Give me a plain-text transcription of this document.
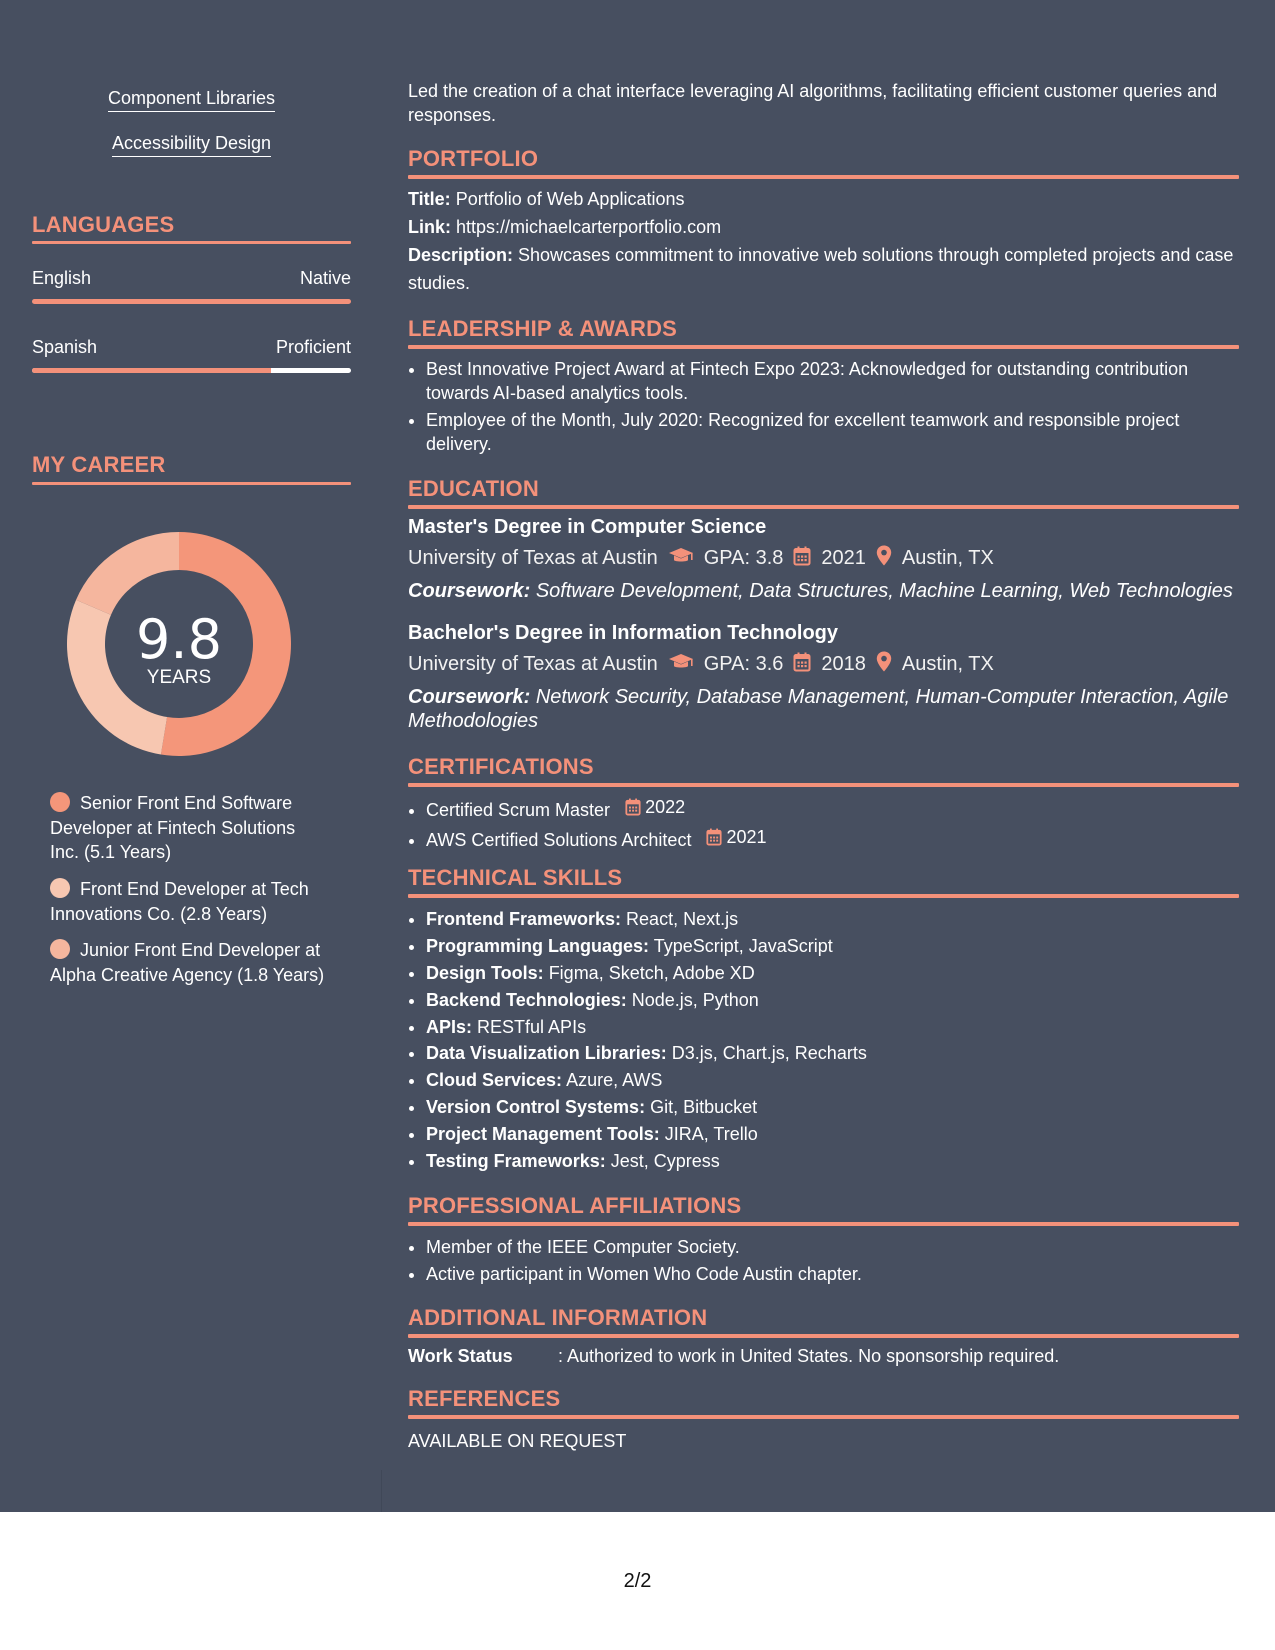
Component Libraries
Accessibility Design
LANGUAGES
English	Native
Spanish	Proficient
MY CAREER
9.8
YEARS
Senior Front End Software Developer at Fintech Solutions Inc. (5.1 Years)
Front End Developer at Tech Innovations Co. (2.8 Years)
Junior Front End Developer at Alpha Creative Agency (1.8 Years)
Led the creation of a chat interface leveraging AI algorithms, facilitating efficient customer queries and responses.
PORTFOLIO
Title: Portfolio of Web Applications
Link: https://michaelcarterportfolio.com
Description: Showcases commitment to innovative web solutions through completed projects and case studies.
LEADERSHIP & AWARDS
• Best Innovative Project Award at Fintech Expo 2023: Acknowledged for outstanding contribution towards AI-based analytics tools.
• Employee of the Month, July 2020: Recognized for excellent teamwork and responsible project delivery.
EDUCATION
Master's Degree in Computer Science
University of Texas at Austin GPA: 3.8 2021 Austin, TX
Coursework: Software Development, Data Structures, Machine Learning, Web Technologies
Bachelor's Degree in Information Technology
University of Texas at Austin GPA: 3.6 2018 Austin, TX
Coursework: Network Security, Database Management, Human-Computer Interaction, Agile Methodologies
CERTIFICATIONS
• Certified Scrum Master 2022
• AWS Certified Solutions Architect 2021
TECHNICAL SKILLS
• Frontend Frameworks: React, Next.js
• Programming Languages: TypeScript, JavaScript
• Design Tools: Figma, Sketch, Adobe XD
• Backend Technologies: Node.js, Python
• APIs: RESTful APIs
• Data Visualization Libraries: D3.js, Chart.js, Recharts
• Cloud Services: Azure, AWS
• Version Control Systems: Git, Bitbucket
• Project Management Tools: JIRA, Trello
• Testing Frameworks: Jest, Cypress
PROFESSIONAL AFFILIATIONS
• Member of the IEEE Computer Society.
• Active participant in Women Who Code Austin chapter.
ADDITIONAL INFORMATION
Work Status	: Authorized to work in United States. No sponsorship required.
REFERENCES
AVAILABLE ON REQUEST
2/2
